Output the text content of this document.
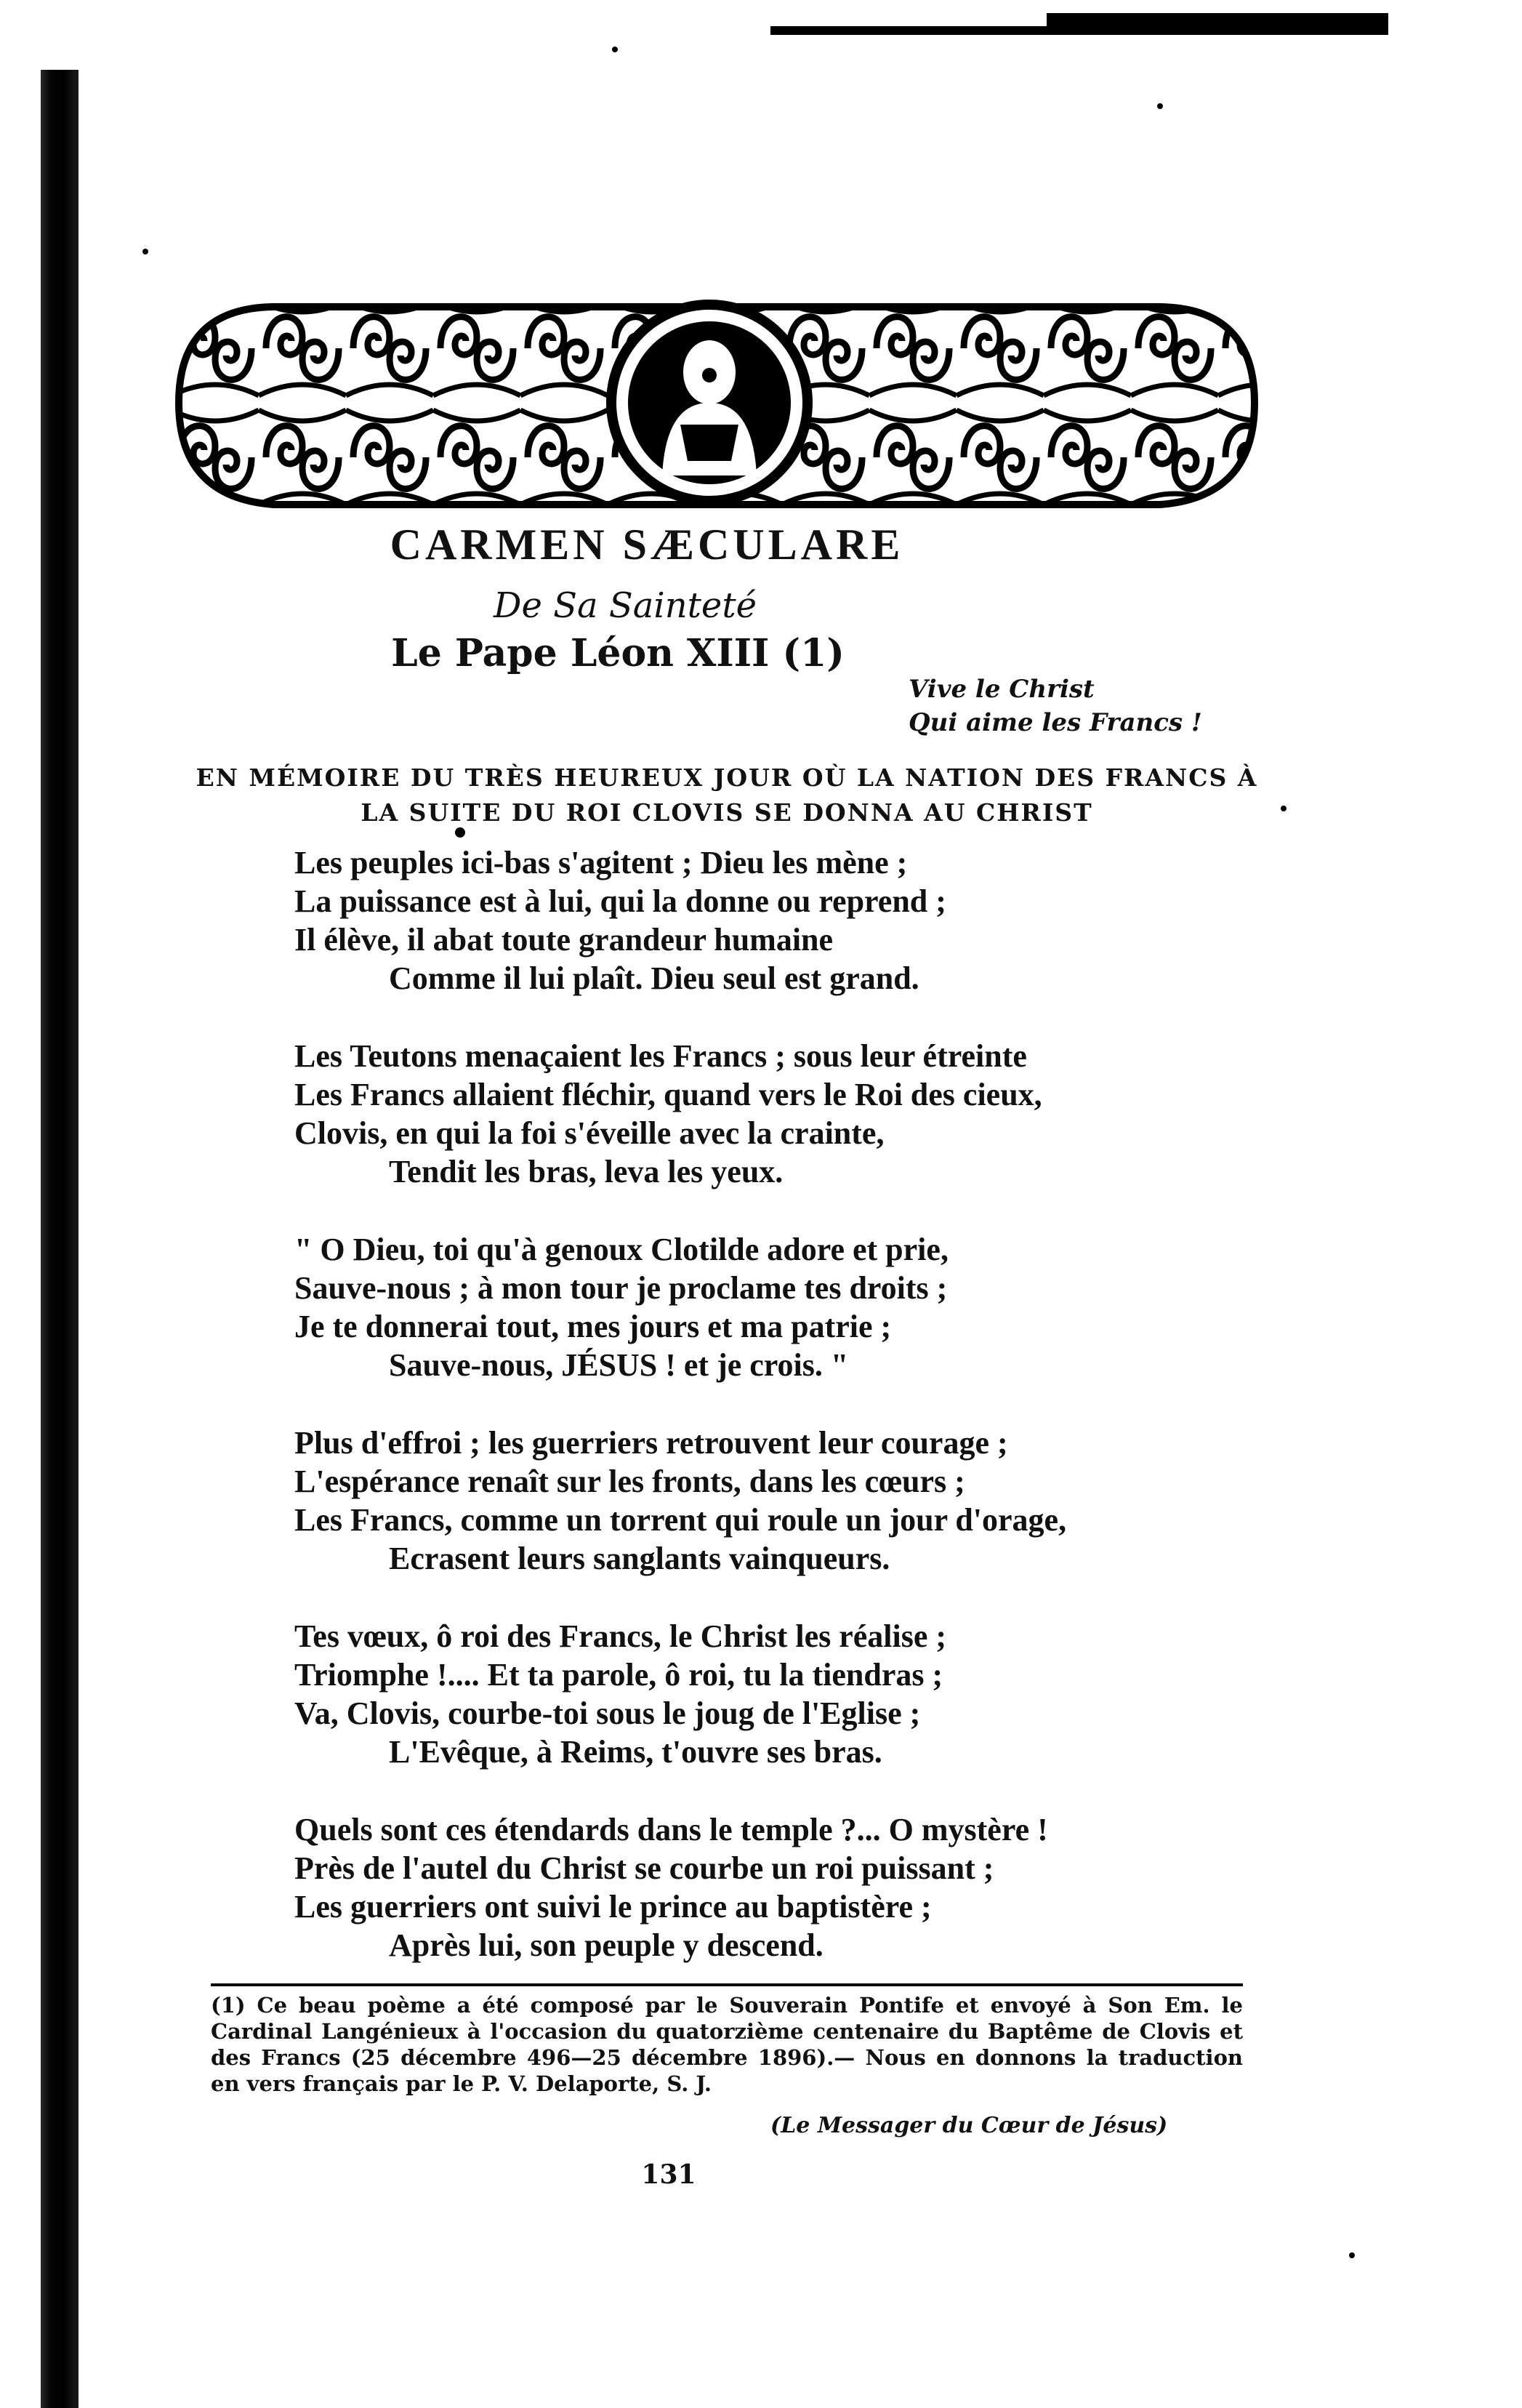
CARMEN SÆCULARE
De Sa Sainteté
Le Pape Léon XIII (1)
Vive le Christ
Qui aime les Francs !
EN MÉMOIRE DU TRÈS HEUREUX JOUR OÙ LA NATION DES FRANCS À
LA SUITE DU ROI CLOVIS SE DONNA AU CHRIST
Les peuples ici-bas s'agitent ; Dieu les mène ;
La puissance est à lui, qui la donne ou reprend ;
Il élève, il abat toute grandeur humaine
Comme il lui plaît. Dieu seul est grand.
Les Teutons menaçaient les Francs ; sous leur étreinte
Les Francs allaient fléchir, quand vers le Roi des cieux,
Clovis, en qui la foi s'éveille avec la crainte,
Tendit les bras, leva les yeux.
" O Dieu, toi qu'à genoux Clotilde adore et prie,
Sauve-nous ; à mon tour je proclame tes droits ;
Je te donnerai tout, mes jours et ma patrie ;
Sauve-nous, JÉSUS ! et je crois. "
Plus d'effroi ; les guerriers retrouvent leur courage ;
L'espérance renaît sur les fronts, dans les cœurs ;
Les Francs, comme un torrent qui roule un jour d'orage,
Ecrasent leurs sanglants vainqueurs.
Tes vœux, ô roi des Francs, le Christ les réalise ;
Triomphe !.... Et ta parole, ô roi, tu la tiendras ;
Va, Clovis, courbe-toi sous le joug de l'Eglise ;
L'Evêque, à Reims, t'ouvre ses bras.
Quels sont ces étendards dans le temple ?... O mystère !
Près de l'autel du Christ se courbe un roi puissant ;
Les guerriers ont suivi le prince au baptistère ;
Après lui, son peuple y descend.
(1) Ce beau poème a été composé par le Souverain Pontife et envoyé à Son Em. le Cardinal Langénieux à l'occasion du quatorzième centenaire du Baptême de Clovis et des Francs (25 décembre 496—25 décembre 1896).— Nous en donnons la traduction en vers français par le P. V. Delaporte, S. J.
(Le Messager du Cœur de Jésus)
131
